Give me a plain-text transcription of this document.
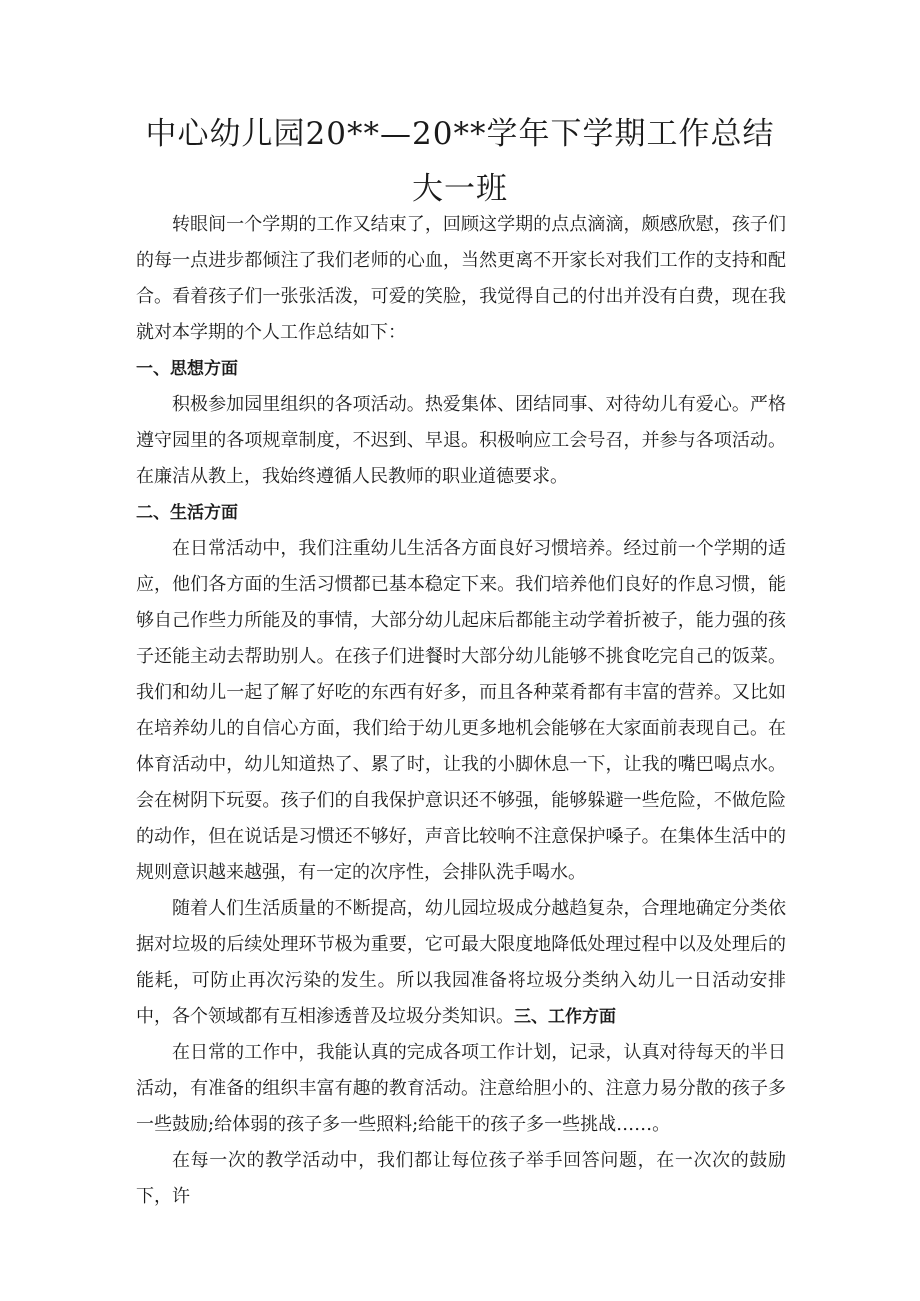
中心幼儿园20**—20**学年下学期工作总结
大一班

转眼间一个学期的工作又结束了，回顾这学期的点点滴滴，颇感欣慰，孩子们的每一点进步都倾注了我们老师的心血，当然更离不开家长对我们工作的支持和配合。看着孩子们一张张活泼，可爱的笑脸，我觉得自己的付出并没有白费，现在我就对本学期的个人工作总结如下：

一、思想方面

积极参加园里组织的各项活动。热爱集体、团结同事、对待幼儿有爱心。严格遵守园里的各项规章制度，不迟到、早退。积极响应工会号召，并参与各项活动。在廉洁从教上，我始终遵循人民教师的职业道德要求。

二、生活方面

在日常活动中，我们注重幼儿生活各方面良好习惯培养。经过前一个学期的适应，他们各方面的生活习惯都已基本稳定下来。我们培养他们良好的作息习惯，能够自己作些力所能及的事情，大部分幼儿起床后都能主动学着折被子，能力强的孩子还能主动去帮助别人。在孩子们进餐时大部分幼儿能够不挑食吃完自己的饭菜。我们和幼儿一起了解了好吃的东西有好多，而且各种菜肴都有丰富的营养。又比如在培养幼儿的自信心方面，我们给于幼儿更多地机会能够在大家面前表现自己。在体育活动中，幼儿知道热了、累了时，让我的小脚休息一下，让我的嘴巴喝点水。会在树阴下玩耍。孩子们的自我保护意识还不够强，能够躲避一些危险，不做危险的动作，但在说话是习惯还不够好，声音比较响不注意保护嗓子。在集体生活中的规则意识越来越强，有一定的次序性，会排队洗手喝水。

随着人们生活质量的不断提高，幼儿园垃圾成分越趋复杂，合理地确定分类依据对垃圾的后续处理环节极为重要，它可最大限度地降低处理过程中以及处理后的能耗，可防止再次污染的发生。所以我园准备将垃圾分类纳入幼儿一日活动安排中，各个领域都有互相渗透普及垃圾分类知识。三、工作方面

在日常的工作中，我能认真的完成各项工作计划，记录，认真对待每天的半日活动，有准备的组织丰富有趣的教育活动。注意给胆小的、注意力易分散的孩子多一些鼓励;给体弱的孩子多一些照料;给能干的孩子多一些挑战……。

在每一次的教学活动中，我们都让每位孩子举手回答问题，在一次次的鼓励下，许
